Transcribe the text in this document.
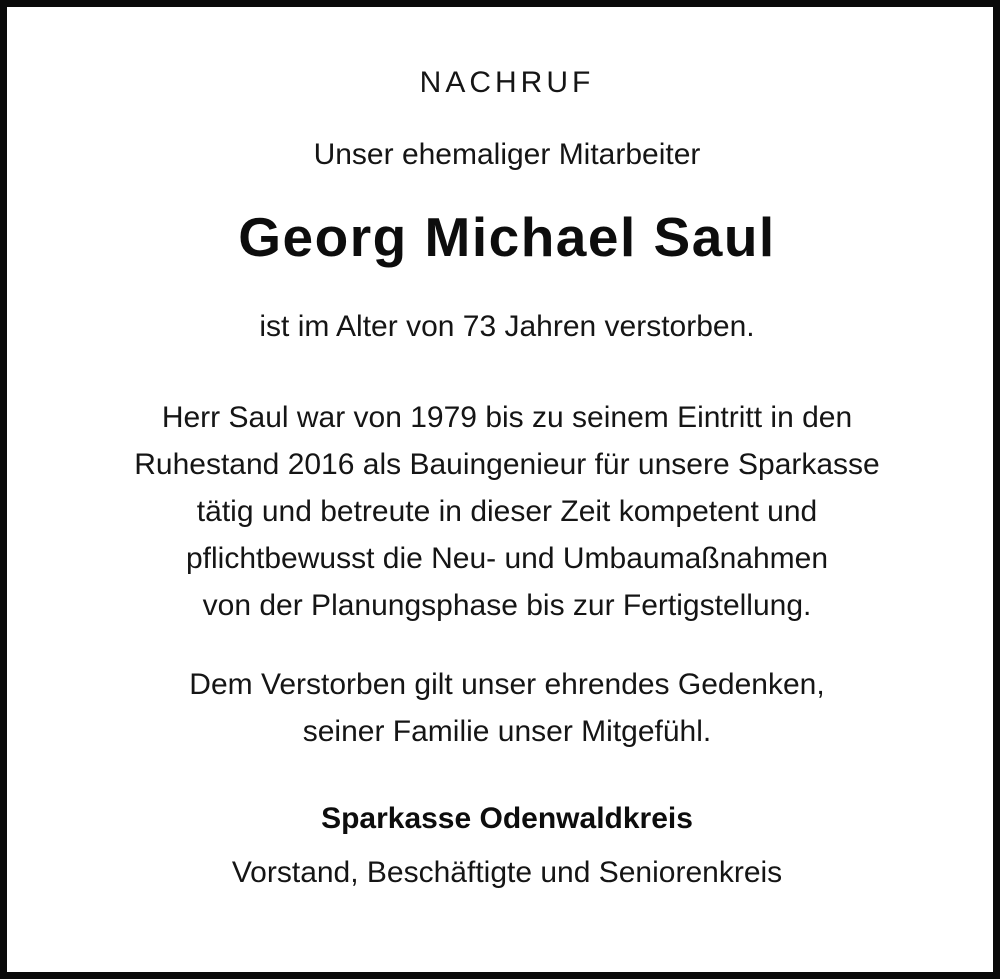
NACHRUF
Unser ehemaliger Mitarbeiter
Georg Michael Saul
ist im Alter von 73 Jahren verstorben.
Herr Saul war von 1979 bis zu seinem Eintritt in den
Ruhestand 2016 als Bauingenieur für unsere Sparkasse
tätig und betreute in dieser Zeit kompetent und
pflichtbewusst die Neu- und Umbaumaßnahmen
von der Planungsphase bis zur Fertigstellung.
Dem Verstorben gilt unser ehrendes Gedenken,
seiner Familie unser Mitgefühl.
Sparkasse Odenwaldkreis
Vorstand, Beschäftigte und Seniorenkreis
